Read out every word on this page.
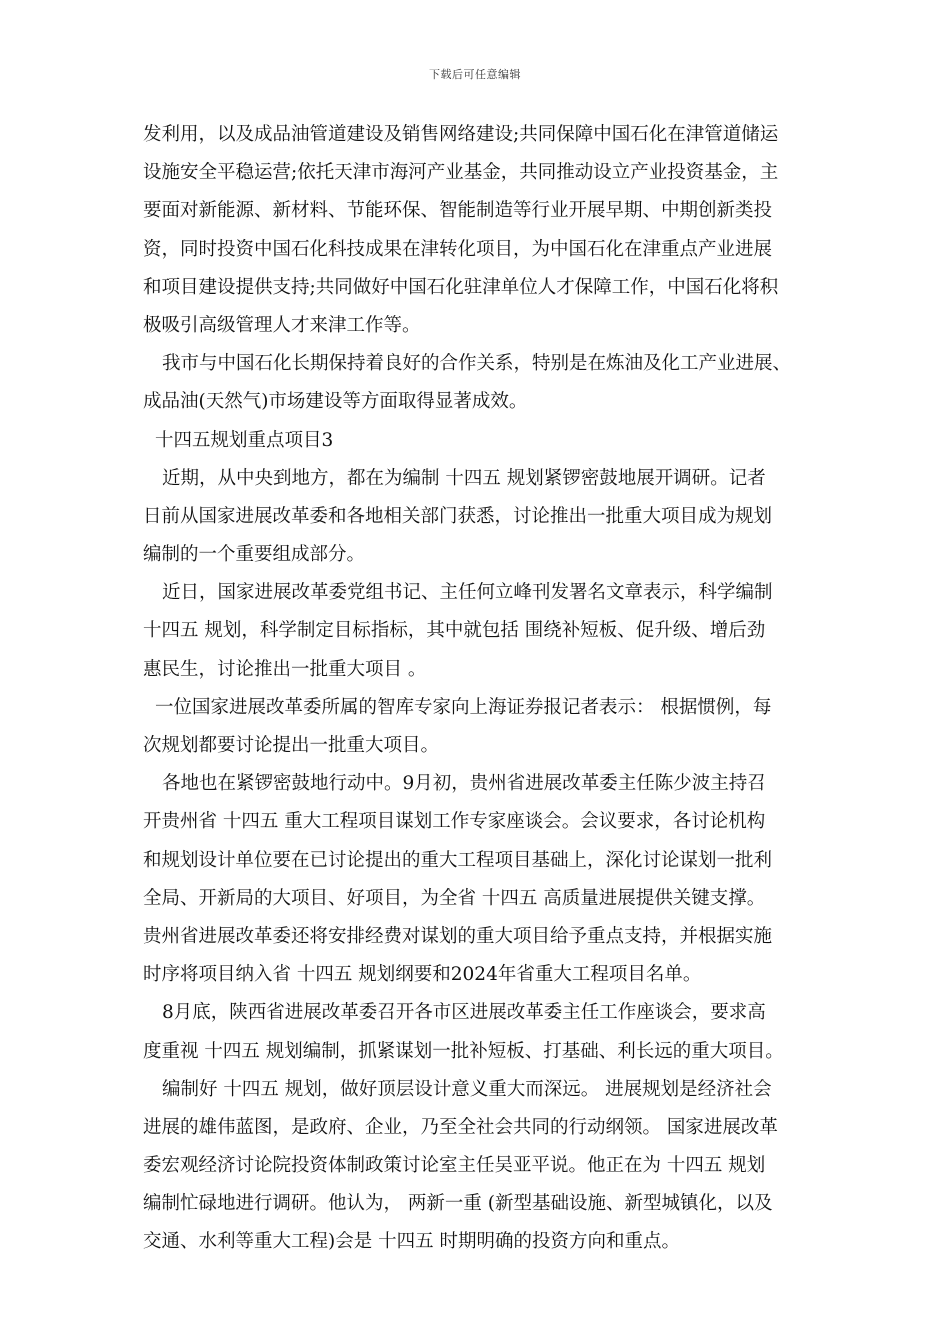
下载后可任意编辑
发利用，以及成品油管道建设及销售网络建设;共同保障中国石化在津管道储运
设施安全平稳运营;依托天津市海河产业基金，共同推动设立产业投资基金，主
要面对新能源、新材料、节能环保、智能制造等行业开展早期、中期创新类投
资，同时投资中国石化科技成果在津转化项目，为中国石化在津重点产业进展
和项目建设提供支持;共同做好中国石化驻津单位人才保障工作，中国石化将积
极吸引高级管理人才来津工作等。
我市与中国石化长期保持着良好的合作关系，特别是在炼油及化工产业进展、
成品油(天然气)市场建设等方面取得显著成效。
十四五规划重点项目3
近期，从中央到地方，都在为编制 十四五 规划紧锣密鼓地展开调研。记者
日前从国家进展改革委和各地相关部门获悉，讨论推出一批重大项目成为规划
编制的一个重要组成部分。
近日，国家进展改革委党组书记、主任何立峰刊发署名文章表示，科学编制
十四五 规划，科学制定目标指标，其中就包括 围绕补短板、促升级、增后劲
惠民生，讨论推出一批重大项目 。
一位国家进展改革委所属的智库专家向上海证券报记者表示： 根据惯例，每
次规划都要讨论提出一批重大项目。
各地也在紧锣密鼓地行动中。9月初，贵州省进展改革委主任陈少波主持召
开贵州省 十四五 重大工程项目谋划工作专家座谈会。会议要求，各讨论机构
和规划设计单位要在已讨论提出的重大工程项目基础上，深化讨论谋划一批利
全局、开新局的大项目、好项目，为全省 十四五 高质量进展提供关键支撑。
贵州省进展改革委还将安排经费对谋划的重大项目给予重点支持，并根据实施
时序将项目纳入省 十四五 规划纲要和2024年省重大工程项目名单。
8月底，陕西省进展改革委召开各市区进展改革委主任工作座谈会，要求高
度重视 十四五 规划编制，抓紧谋划一批补短板、打基础、利长远的重大项目。
编制好 十四五 规划，做好顶层设计意义重大而深远。 进展规划是经济社会
进展的雄伟蓝图，是政府、企业，乃至全社会共同的行动纲领。 国家进展改革
委宏观经济讨论院投资体制政策讨论室主任吴亚平说。他正在为 十四五 规划
编制忙碌地进行调研。他认为， 两新一重 (新型基础设施、新型城镇化，以及
交通、水利等重大工程)会是 十四五 时期明确的投资方向和重点。
